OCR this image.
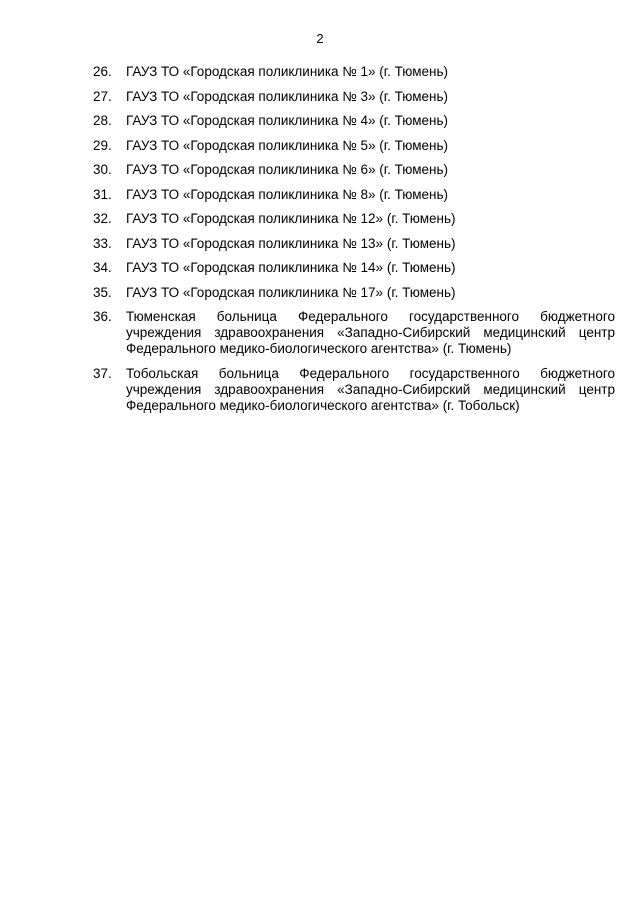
2
26.	ГАУЗ ТО «Городская поликлиника № 1» (г. Тюмень)
27.	ГАУЗ ТО «Городская поликлиника № 3» (г. Тюмень)
28.	ГАУЗ ТО «Городская поликлиника № 4» (г. Тюмень)
29.	ГАУЗ ТО «Городская поликлиника № 5» (г. Тюмень)
30.	ГАУЗ ТО «Городская поликлиника № 6» (г. Тюмень)
31.	ГАУЗ ТО «Городская поликлиника № 8» (г. Тюмень)
32.	ГАУЗ ТО «Городская поликлиника № 12» (г. Тюмень)
33.	ГАУЗ ТО «Городская поликлиника № 13» (г. Тюмень)
34.	ГАУЗ ТО «Городская поликлиника № 14» (г. Тюмень)
35.	ГАУЗ ТО «Городская поликлиника № 17» (г. Тюмень)
36.	Тюменская больница Федерального государственного бюджетного учреждения здравоохранения «Западно-Сибирский медицинский центр Федерального медико-биологического агентства» (г. Тюмень)
37.	Тобольская больница Федерального государственного бюджетного учреждения здравоохранения «Западно-Сибирский медицинский центр Федерального медико-биологического агентства» (г. Тобольск)
